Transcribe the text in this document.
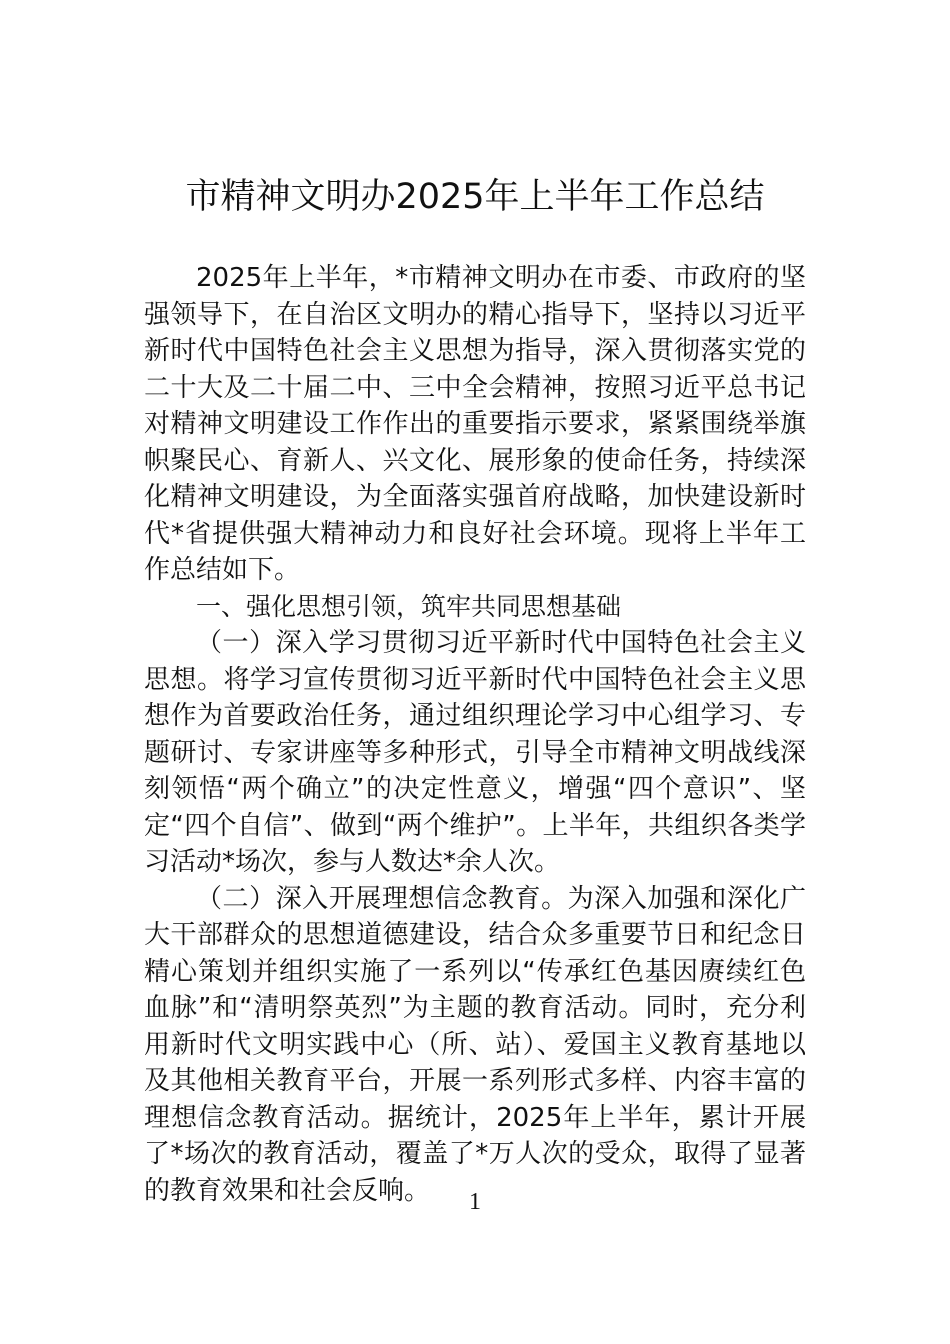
市精神文明办2025年上半年工作总结

2025年上半年，*市精神文明办在市委、市政府的坚强领导下，在自治区文明办的精心指导下，坚持以习近平新时代中国特色社会主义思想为指导，深入贯彻落实党的二十大及二十届二中、三中全会精神，按照习近平总书记对精神文明建设工作作出的重要指示要求，紧紧围绕举旗帜聚民心、育新人、兴文化、展形象的使命任务，持续深化精神文明建设，为全面落实强首府战略，加快建设新时代*省提供强大精神动力和良好社会环境。现将上半年工作总结如下。

一、强化思想引领，筑牢共同思想基础

（一）深入学习贯彻习近平新时代中国特色社会主义思想。将学习宣传贯彻习近平新时代中国特色社会主义思想作为首要政治任务，通过组织理论学习中心组学习、专题研讨、专家讲座等多种形式，引导全市精神文明战线深刻领悟“两个确立”的决定性意义，增强“四个意识”、坚定“四个自信”、做到“两个维护”。上半年，共组织各类学习活动*场次，参与人数达*余人次。

（二）深入开展理想信念教育。为深入加强和深化广大干部群众的思想道德建设，结合众多重要节日和纪念日精心策划并组织实施了一系列以“传承红色基因赓续红色血脉”和“清明祭英烈”为主题的教育活动。同时，充分利用新时代文明实践中心（所、站）、爱国主义教育基地以及其他相关教育平台，开展一系列形式多样、内容丰富的理想信念教育活动。据统计，2025年上半年，累计开展了*场次的教育活动，覆盖了*万人次的受众，取得了显著的教育效果和社会反响。	1
